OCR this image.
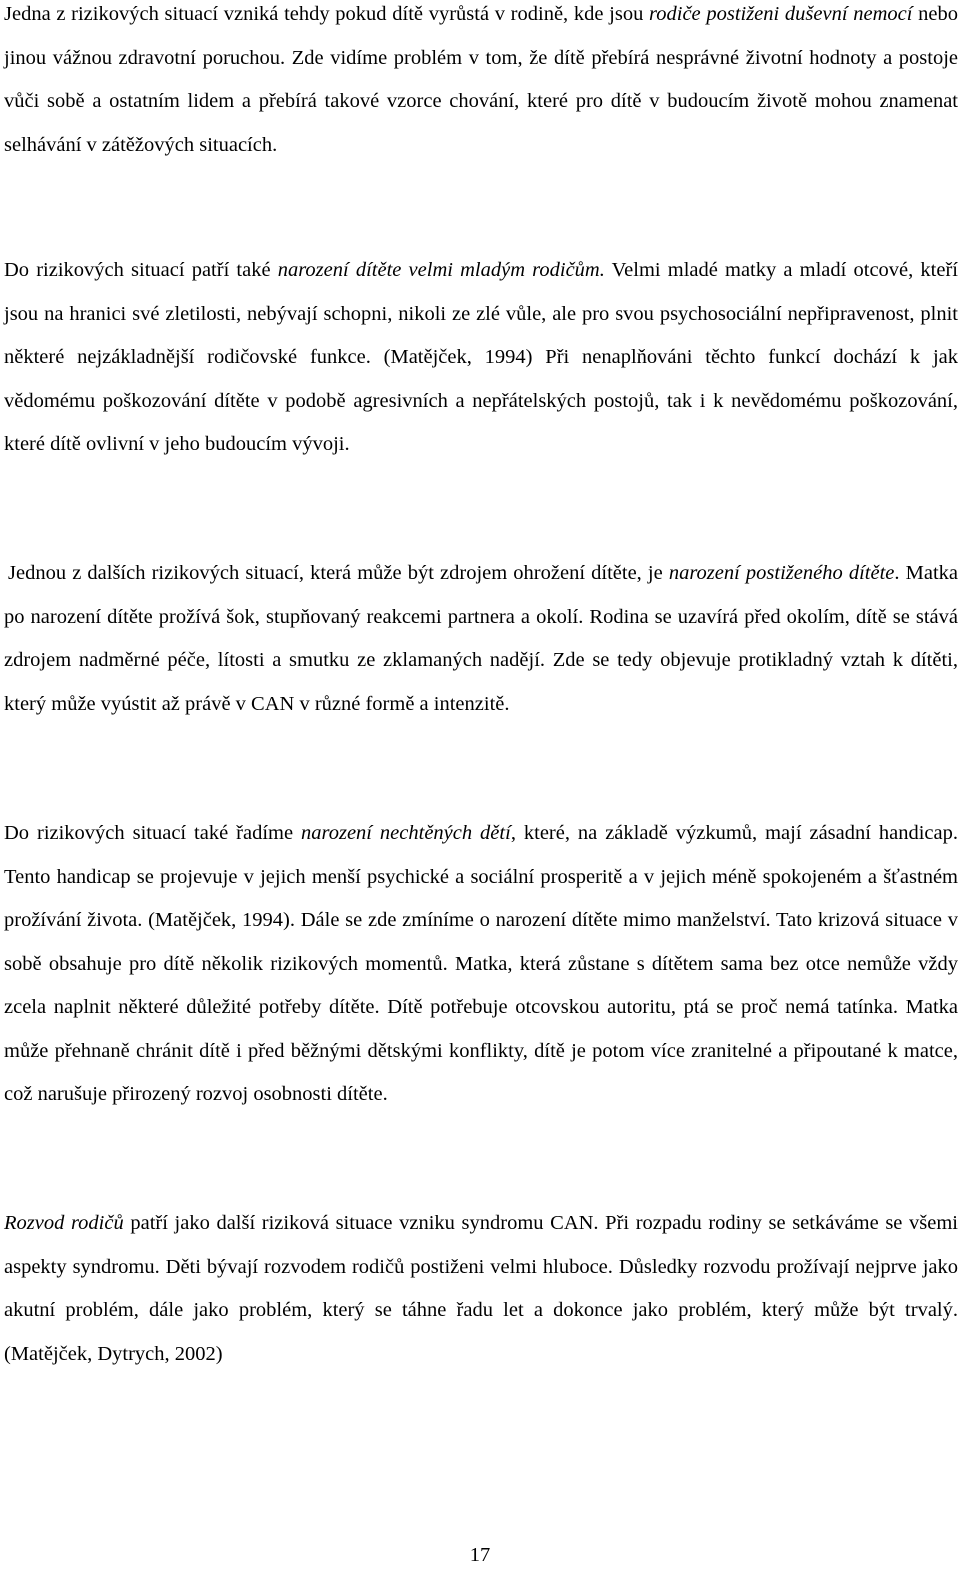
Jedna z rizikových situací vzniká tehdy pokud dítě vyrůstá v rodině, kde jsou rodiče postiženi duševní nemocí nebo jinou vážnou zdravotní poruchou. Zde vidíme problém v tom, že dítě přebírá nesprávné životní hodnoty a postoje vůči sobě a ostatním lidem a přebírá takové vzorce chování, které pro dítě v budoucím životě mohou znamenat selhávání v zátěžových situacích.

Do rizikových situací patří také narození dítěte velmi mladým rodičům. Velmi mladé matky a mladí otcové, kteří jsou na hranici své zletilosti, nebývají schopni, nikoli ze zlé vůle, ale pro svou psychosociální nepřipravenost, plnit některé nejzákladnější rodičovské funkce. (Matějček, 1994) Při nenaplňováni těchto funkcí dochází k jak vědomému poškozování dítěte v podobě agresivních a nepřátelských postojů, tak i k nevědomému poškozování, které dítě ovlivní v jeho budoucím vývoji.

Jednou z dalších rizikových situací, která může být zdrojem ohrožení dítěte, je narození postiženého dítěte. Matka po narození dítěte prožívá šok, stupňovaný reakcemi partnera a okolí. Rodina se uzavírá před okolím, dítě se stává zdrojem nadměrné péče, lítosti a smutku ze zklamaných nadějí. Zde se tedy objevuje protikladný vztah k dítěti, který může vyústit až právě v CAN v různé formě a intenzitě.

Do rizikových situací také řadíme narození nechtěných dětí, které, na základě výzkumů, mají zásadní handicap. Tento handicap se projevuje v jejich menší psychické a sociální prosperitě a v jejich méně spokojeném a šťastném prožívání života. (Matějček, 1994). Dále se zde zmíníme o narození dítěte mimo manželství. Tato krizová situace v sobě obsahuje pro dítě několik rizikových momentů. Matka, která zůstane s dítětem sama bez otce nemůže vždy zcela naplnit některé důležité potřeby dítěte. Dítě potřebuje otcovskou autoritu, ptá se proč nemá tatínka. Matka může přehnaně chránit dítě i před běžnými dětskými konflikty, dítě je potom více zranitelné a připoutané k matce, což narušuje přirozený rozvoj osobnosti dítěte.

Rozvod rodičů patří jako další riziková situace vzniku syndromu CAN. Při rozpadu rodiny se setkáváme se všemi aspekty syndromu. Děti bývají rozvodem rodičů postiženi velmi hluboce. Důsledky rozvodu prožívají nejprve jako akutní problém, dále jako problém, který se táhne řadu let a dokonce jako problém, který může být trvalý. (Matějček, Dytrych, 2002)

17
